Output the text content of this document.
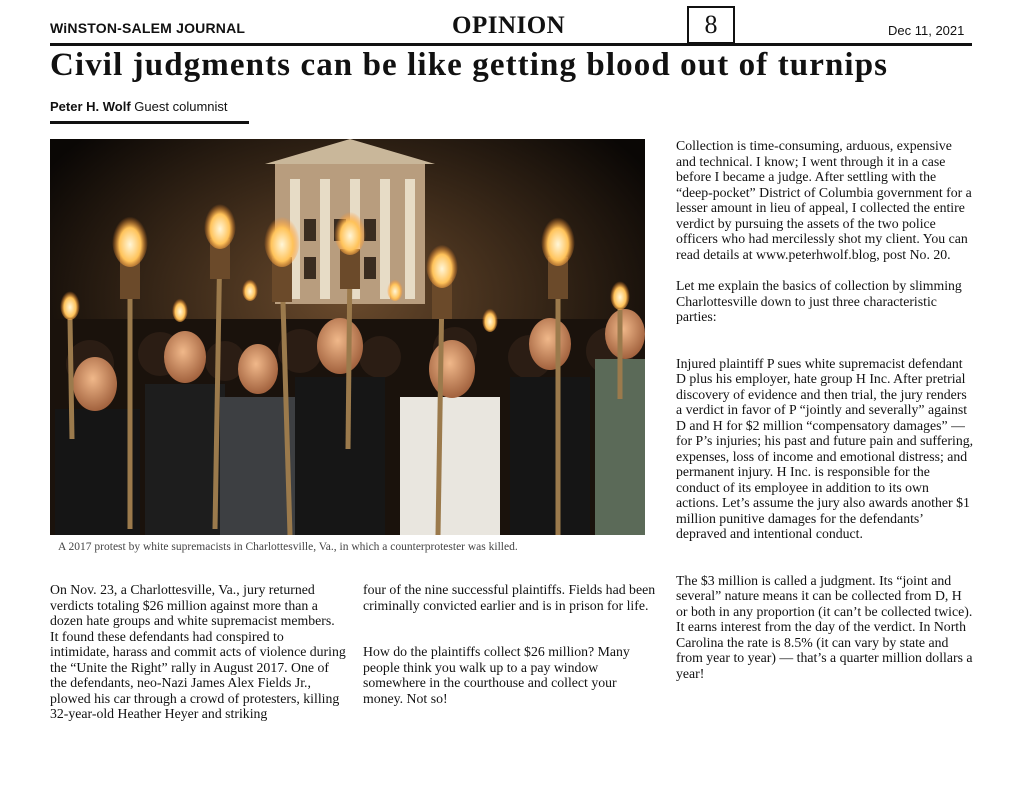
WiNSTON-SALEM JOURNAL	OPINION	8	Dec 11, 2021
Civil judgments can be like getting blood out of turnips
Peter H. Wolf Guest columnist
A 2017 protest by white supremacists in Charlottesville, Va., in which a counterprotester was killed.

On Nov. 23, a Charlottesville, Va., jury returned verdicts totaling $26 million against more than a dozen hate groups and white supremacist members. It found these defendants had conspired to intimidate, harass and commit acts of violence during the “Unite the Right” rally in August 2017. One of the defendants, neo-Nazi James Alex Fields Jr., plowed his car through a crowd of protesters, killing 32-year-old Heather Heyer and striking

four of the nine successful plaintiffs. Fields had been criminally convicted earlier and is in prison for life.

How do the plaintiffs collect $26 million? Many people think you walk up to a pay window somewhere in the courthouse and collect your money. Not so!

Collection is time-consuming, arduous, expensive and technical. I know; I went through it in a case before I became a judge. After settling with the “deep-pocket” District of Columbia government for a lesser amount in lieu of appeal, I collected the entire verdict by pursuing the assets of the two police officers who had mercilessly shot my client. You can read details at www.peterhwolf.blog, post No. 20.

Let me explain the basics of collection by slimming Charlottesville down to just three characteristic parties:

Injured plaintiff P sues white supremacist defendant D plus his employer, hate group H Inc. After pretrial discovery of evidence and then trial, the jury renders a verdict in favor of P “jointly and severally” against D and H for $2 million “compensatory damages” — for P’s injuries; his past and future pain and suffering, expenses, loss of income and emotional distress; and permanent injury. H Inc. is responsible for the conduct of its employee in addition to its own actions. Let’s assume the jury also awards another $1 million punitive damages for the defendants’ depraved and intentional conduct.

The $3 million is called a judgment. Its “joint and several” nature means it can be collected from D, H or both in any proportion (it can’t be collected twice). It earns interest from the day of the verdict. In North Carolina the rate is 8.5% (it can vary by state and from year to year) — that’s a quarter million dollars a year!
